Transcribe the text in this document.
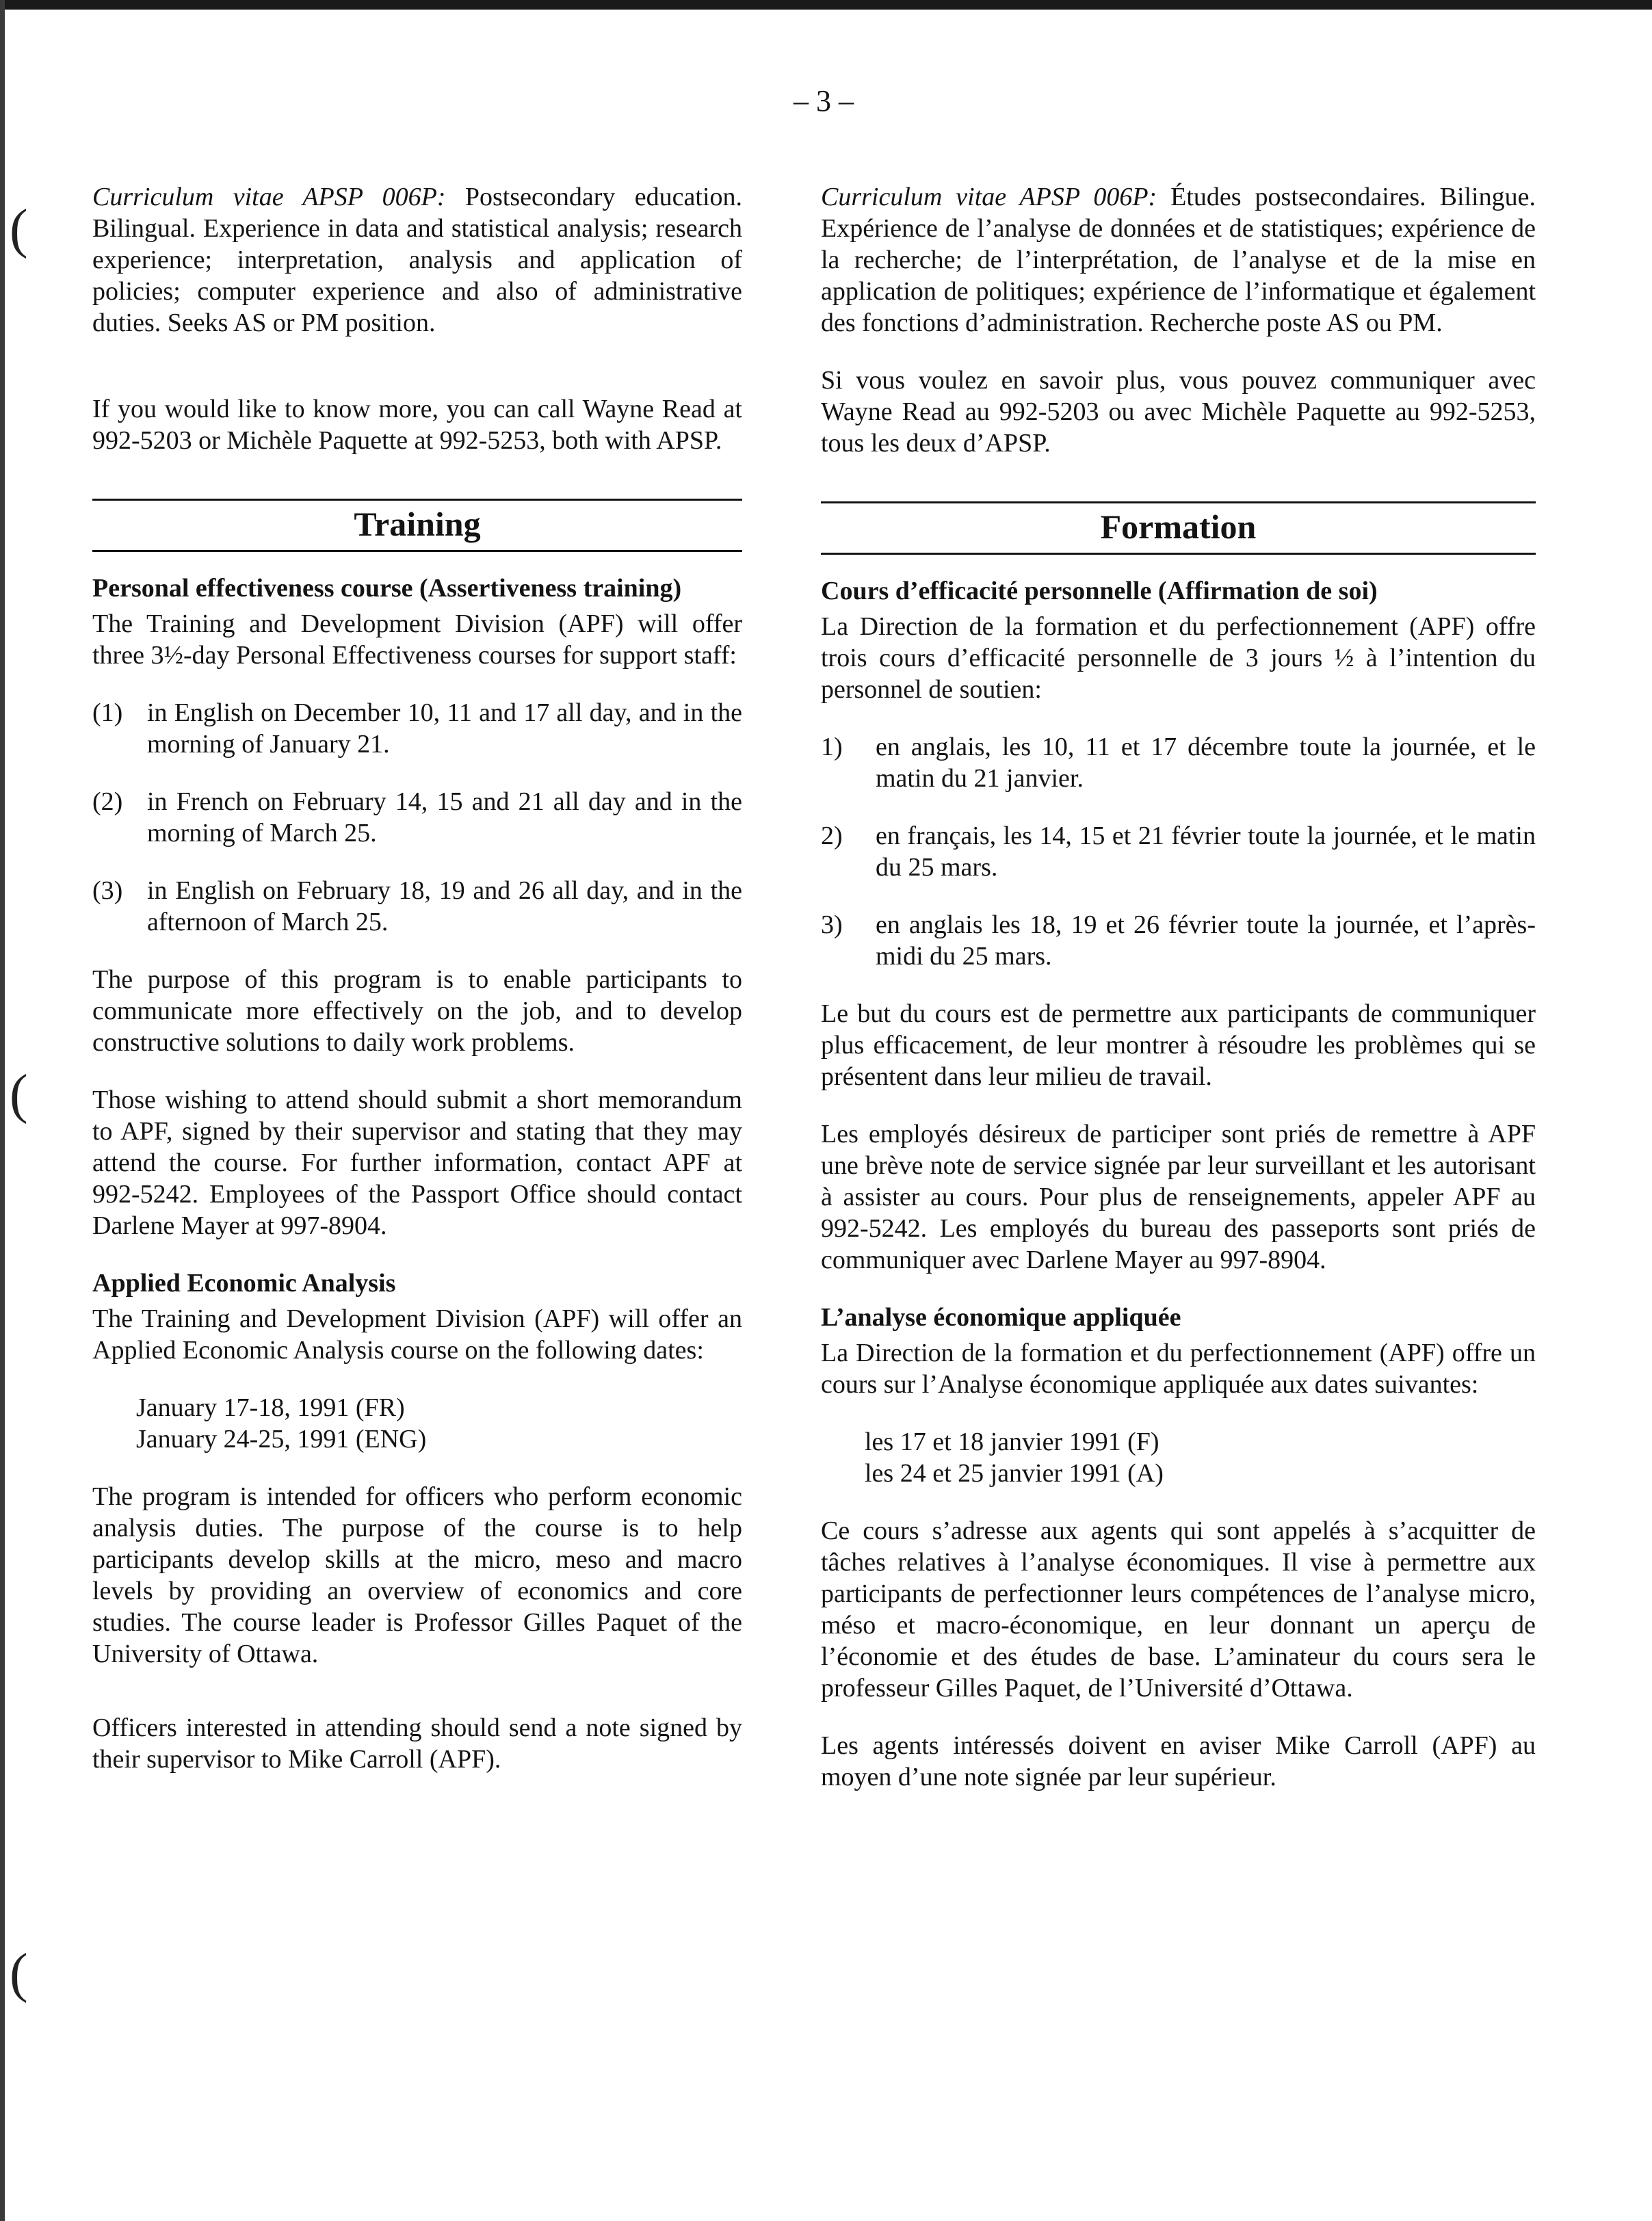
(
(
(
– 3 –

Curriculum vitae APSP 006P: Postsecondary education. Bilingual. Experience in data and statistical analysis; research experience; interpretation, analysis and application of policies; computer experience and also of administrative duties. Seeks AS or PM position.

If you would like to know more, you can call Wayne Read at 992-5203 or Michèle Paquette at 992-5253, both with APSP.

Training
Personal effectiveness course (Assertiveness training)

The Training and Development Division (APF) will offer three 3½-day Personal Effectiveness courses for support staff:

(1) in English on December 10, 11 and 17 all day, and in the morning of January 21.
(2) in French on February 14, 15 and 21 all day and in the morning of March 25.
(3) in English on February 18, 19 and 26 all day, and in the afternoon of March 25.

The purpose of this program is to enable participants to communicate more effectively on the job, and to develop constructive solutions to daily work problems.

Those wishing to attend should submit a short memorandum to APF, signed by their supervisor and stating that they may attend the course. For further information, contact APF at 992-5242. Employees of the Passport Office should contact Darlene Mayer at 997-8904.

Applied Economic Analysis

The Training and Development Division (APF) will offer an Applied Economic Analysis course on the following dates:

January 17-18, 1991 (FR)
January 24-25, 1991 (ENG)

The program is intended for officers who perform economic analysis duties. The purpose of the course is to help participants develop skills at the micro, meso and macro levels by providing an overview of economics and core studies. The course leader is Professor Gilles Paquet of the University of Ottawa.

Officers interested in attending should send a note signed by their supervisor to Mike Carroll (APF).

Curriculum vitae APSP 006P: Études postsecondaires. Bilingue. Expérience de l’analyse de données et de statistiques; expérience de la recherche; de l’interprétation, de l’analyse et de la mise en application de politiques; expérience de l’informatique et également des fonctions d’administration. Recherche poste AS ou PM.

Si vous voulez en savoir plus, vous pouvez communiquer avec Wayne Read au 992-5203 ou avec Michèle Paquette au 992-5253, tous les deux d’APSP.

Formation
Cours d’efficacité personnelle (Affirmation de soi)

La Direction de la formation et du perfectionnement (APF) offre trois cours d’efficacité personnelle de 3 jours ½ à l’intention du personnel de soutien:

1)	en anglais, les 10, 11 et 17 décembre toute la journée, et le matin du 21 janvier.
2)	en français, les 14, 15 et 21 février toute la journée, et le matin du 25 mars.
3)	en anglais les 18, 19 et 26 février toute la journée, et l’après-midi du 25 mars.

Le but du cours est de permettre aux participants de communiquer plus efficacement, de leur montrer à résoudre les problèmes qui se présentent dans leur milieu de travail.

Les employés désireux de participer sont priés de remettre à APF une brève note de service signée par leur surveillant et les autorisant à assister au cours. Pour plus de renseignements, appeler APF au 992-5242. Les employés du bureau des passeports sont priés de communiquer avec Darlene Mayer au 997-8904.

L’analyse économique appliquée

La Direction de la formation et du perfectionnement (APF) offre un cours sur l’Analyse économique appliquée aux dates suivantes:

les 17 et 18 janvier 1991 (F)
les 24 et 25 janvier 1991 (A)

Ce cours s’adresse aux agents qui sont appelés à s’acquitter de tâches relatives à l’analyse économiques. Il vise à permettre aux participants de perfectionner leurs compétences de l’analyse micro, méso et macro-économique, en leur donnant un aperçu de l’économie et des études de base. L’aminateur du cours sera le professeur Gilles Paquet, de l’Université d’Ottawa.

Les agents intéressés doivent en aviser Mike Carroll (APF) au moyen d’une note signée par leur supérieur.
